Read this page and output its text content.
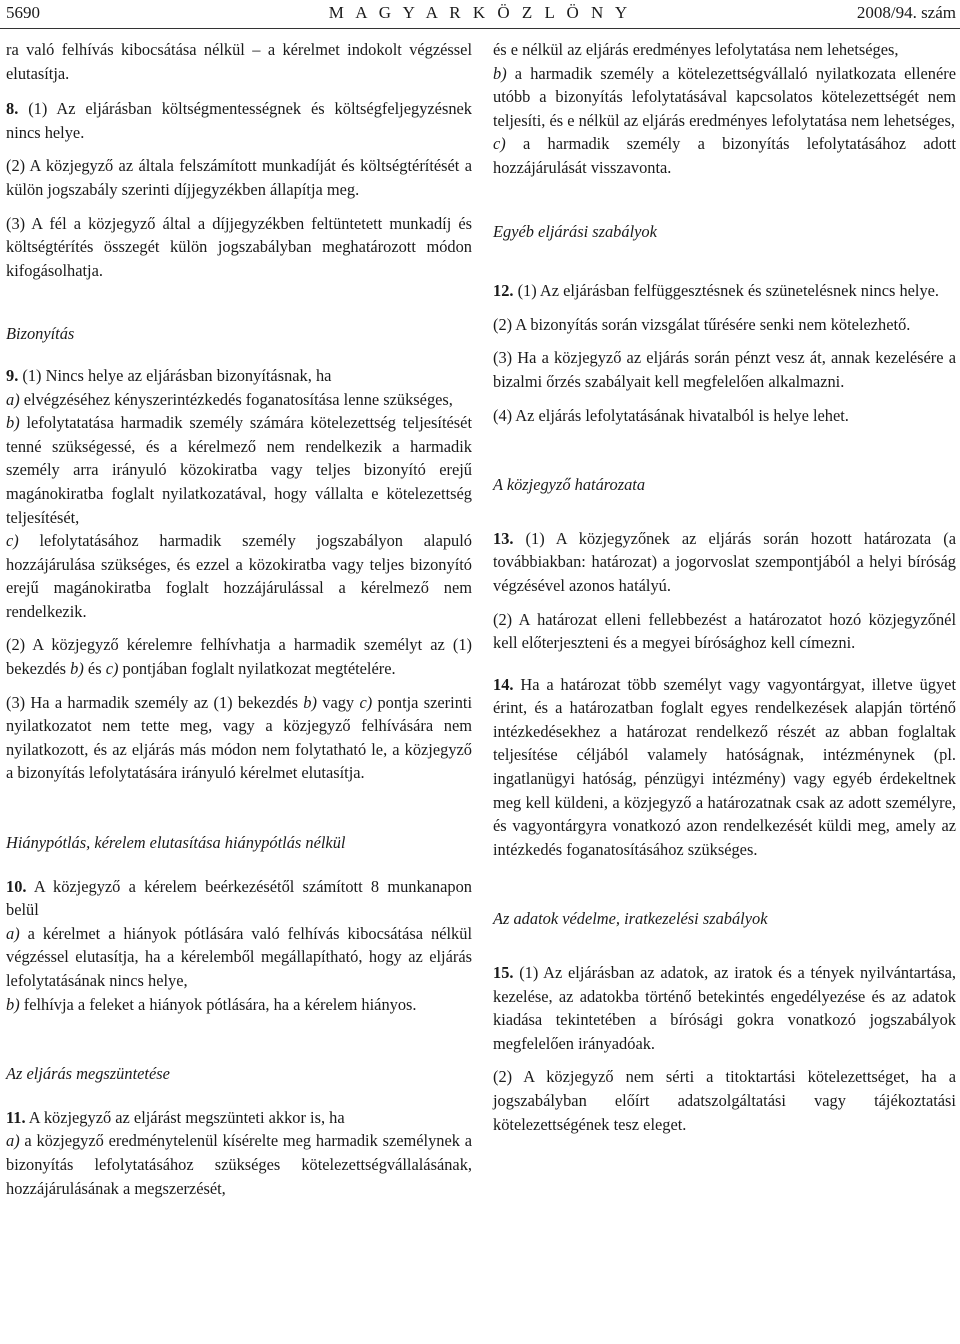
5690	M A G Y A R K Ö Z L Ö N Y	2008/94. szám

ra való felhívás kibocsátása nélkül – a kérelmet indokolt végzéssel elutasítja.

8. (1) Az eljárásban költségmentességnek és költségfeljegyzésnek nincs helye.

(2) A közjegyző az általa felszámított munkadíját és költségtérítését a külön jogszabály szerinti díjjegyzékben állapítja meg.

(3) A fél a közjegyző által a díjjegyzékben feltüntetett munkadíj és költségtérítés összegét külön jogszabályban meghatározott módon kifogásolhatja.

Bizonyítás

9. (1) Nincs helye az eljárásban bizonyításnak, ha

a) elvégzéséhez kényszerintézkedés foganatosítása lenne szükséges,

b) lefolytatatása harmadik személy számára kötelezettség teljesítését tenné szükségessé, és a kérelmező nem rendelkezik a harmadik személy arra irányuló közokiratba vagy teljes bizonyító erejű magánokiratba foglalt nyilatkozatával, hogy vállalta e kötelezettség teljesítését,

c) lefolytatásához harmadik személy jogszabályon alapuló hozzájárulása szükséges, és ezzel a közokiratba vagy teljes bizonyító erejű magánokiratba foglalt hozzájárulással a kérelmező nem rendelkezik.

(2) A közjegyző kérelemre felhívhatja a harmadik személyt az (1) bekezdés b) és c) pontjában foglalt nyilatkozat megtételére.

(3) Ha a harmadik személy az (1) bekezdés b) vagy c) pontja szerinti nyilatkozatot nem tette meg, vagy a közjegyző felhívására nem nyilatkozott, és az eljárás más módon nem folytatható le, a közjegyző a bizonyítás lefolytatására irányuló kérelmet elutasítja.

Hiánypótlás, kérelem elutasítása hiánypótlás nélkül

10. A közjegyző a kérelem beérkezésétől számított 8 munkanapon belül

a) a kérelmet a hiányok pótlására való felhívás kibocsátása nélkül végzéssel elutasítja, ha a kérelemből megállapítható, hogy az eljárás lefolytatásának nincs helye,

b) felhívja a feleket a hiányok pótlására, ha a kérelem hiányos.

Az eljárás megszüntetése

11. A közjegyző az eljárást megszünteti akkor is, ha

a) a közjegyző eredménytelenül kísérelte meg harmadik személynek a bizonyítás lefolytatásához szükséges kötelezettségvállalásának, hozzájárulásának a megszerzését,

és e nélkül az eljárás eredményes lefolytatása nem lehetséges,

b) a harmadik személy a kötelezettségvállaló nyilatkozata ellenére utóbb a bizonyítás lefolytatásával kapcsolatos kötelezettségét nem teljesíti, és e nélkül az eljárás eredményes lefolytatása nem lehetséges,

c) a harmadik személy a bizonyítás lefolytatásához adott hozzájárulását visszavonta.

Egyéb eljárási szabályok

12. (1) Az eljárásban felfüggesztésnek és szünetelésnek nincs helye.

(2) A bizonyítás során vizsgálat tűrésére senki nem kötelezhető.

(3) Ha a közjegyző az eljárás során pénzt vesz át, annak kezelésére a bizalmi őrzés szabályait kell megfelelően alkalmazni.

(4) Az eljárás lefolytatásának hivatalból is helye lehet.

A közjegyző határozata

13. (1) A közjegyzőnek az eljárás során hozott határozata (a továbbiakban: határozat) a jogorvoslat szempontjából a helyi bíróság végzésével azonos hatályú.

(2) A határozat elleni fellebbezést a határozatot hozó közjegyzőnél kell előterjeszteni és a megyei bírósághoz kell címezni.

14. Ha a határozat több személyt vagy vagyontárgyat, illetve ügyet érint, és a határozatban foglalt egyes rendelkezések alapján történő intézkedésekhez a határozat rendelkező részét az abban foglaltak teljesítése céljából valamely hatóságnak, intézménynek (pl. ingatlanügyi hatóság, pénzügyi intézmény) vagy egyéb érdekeltnek meg kell küldeni, a közjegyző a határozatnak csak az adott személyre, és vagyontárgyra vonatkozó azon rendelkezését küldi meg, amely az intézkedés foganatosításához szükséges.

Az adatok védelme, iratkezelési szabályok

15. (1) Az eljárásban az adatok, az iratok és a tények nyilvántartása, kezelése, az adatokba történő betekintés engedélyezése és az adatok kiadása tekintetében a bírósági gokra vonatkozó jogszabályok megfelelően irányadóak.

(2) A közjegyző nem sérti a titoktartási kötelezettséget, ha a jogszabályban előírt adatszolgáltatási vagy tájékoztatási kötelezettségének tesz eleget.
